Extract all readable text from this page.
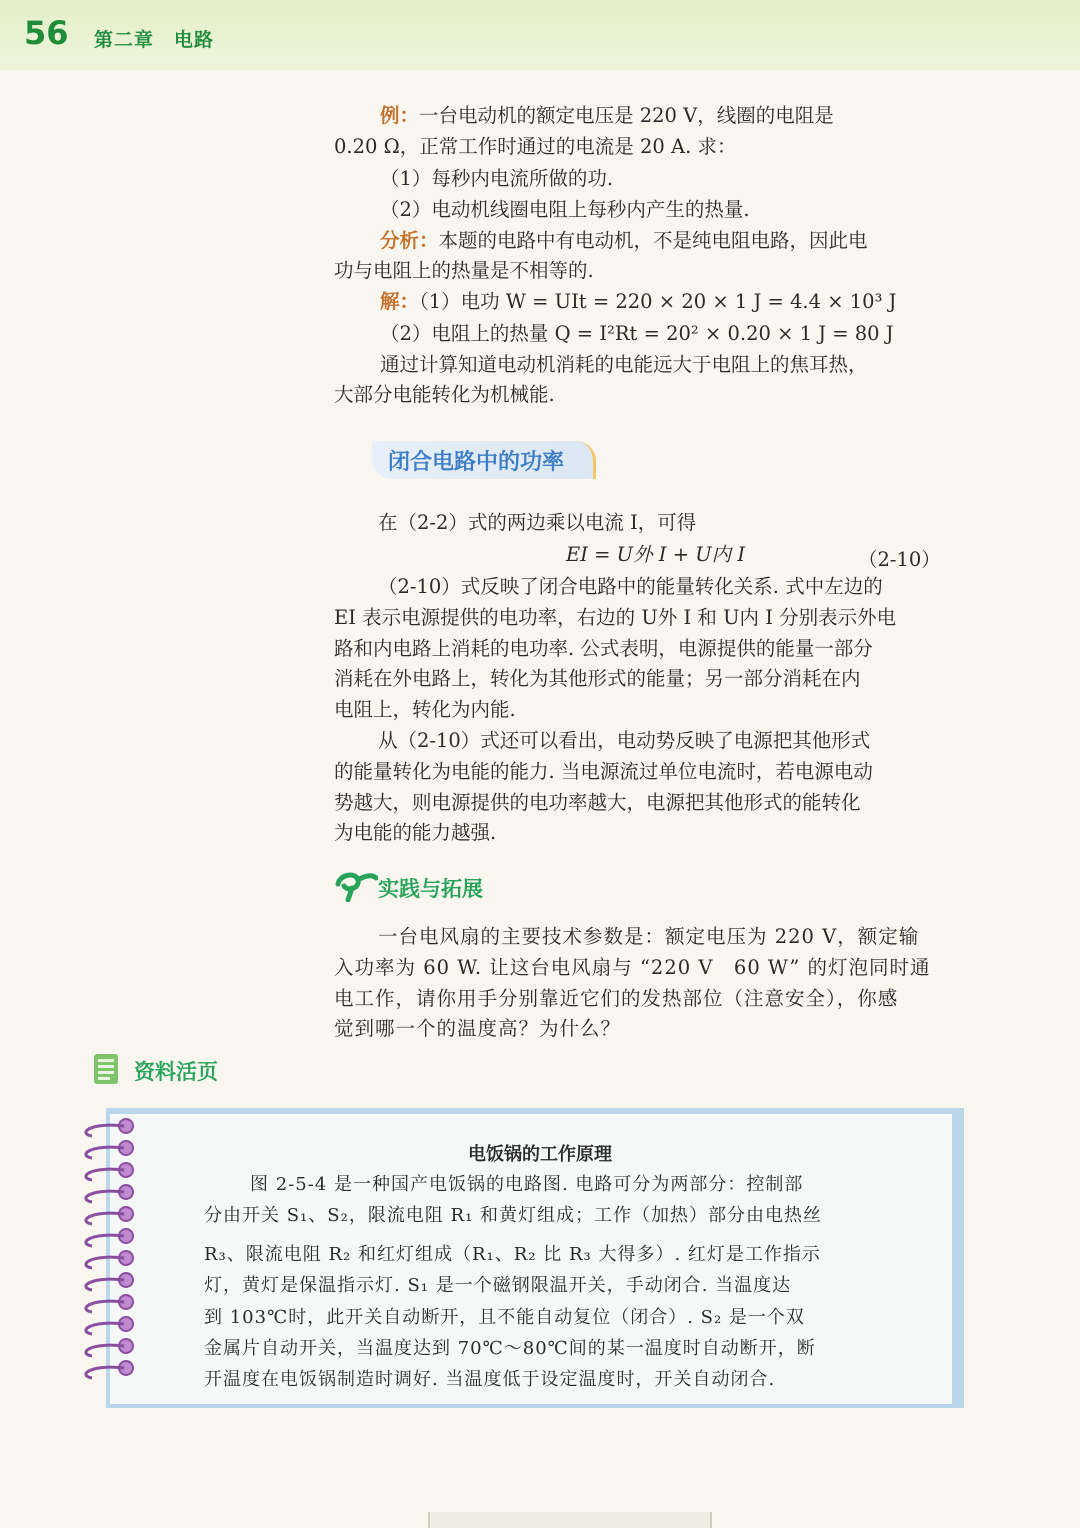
56 第二章　电路
例：一台电动机的额定电压是 220 V，线圈的电阻是
0.20 Ω，正常工作时通过的电流是 20 A. 求：
（1）每秒内电流所做的功.
（2）电动机线圈电阻上每秒内产生的热量.
分析：本题的电路中有电动机，不是纯电阻电路，因此电
功与电阻上的热量是不相等的.
解：（1）电功 W = UIt = 220 × 20 × 1 J = 4.4 × 10³ J
（2）电阻上的热量 Q = I²Rt = 20² × 0.20 × 1 J = 80 J
通过计算知道电动机消耗的电能远大于电阻上的焦耳热，
大部分电能转化为机械能.
闭合电路中的功率
在（2-2）式的两边乘以电流 I，可得
EI = U外 I + U内 I	（2-10）
（2-10）式反映了闭合电路中的能量转化关系. 式中左边的
EI 表示电源提供的电功率，右边的 U外 I 和 U内 I 分别表示外电
路和内电路上消耗的电功率. 公式表明，电源提供的能量一部分
消耗在外电路上，转化为其他形式的能量；另一部分消耗在内
电阻上，转化为内能.
从（2-10）式还可以看出，电动势反映了电源把其他形式
的能量转化为电能的能力. 当电源流过单位电流时，若电源电动
势越大，则电源提供的电功率越大，电源把其他形式的能转化
为电能的能力越强.
实践与拓展
一台电风扇的主要技术参数是：额定电压为 220 V，额定输
入功率为 60 W. 让这台电风扇与 “220 V　60 W” 的灯泡同时通
电工作，请你用手分别靠近它们的发热部位（注意安全），你感
觉到哪一个的温度高？为什么？
资料活页
电饭锅的工作原理
图 2-5-4 是一种国产电饭锅的电路图. 电路可分为两部分：控制部
分由开关 S₁、S₂，限流电阻 R₁ 和黄灯组成；工作（加热）部分由电热丝
R₃、限流电阻 R₂ 和红灯组成（R₁、R₂ 比 R₃ 大得多）. 红灯是工作指示
灯，黄灯是保温指示灯. S₁ 是一个磁钢限温开关，手动闭合. 当温度达
到 103℃时，此开关自动断开，且不能自动复位（闭合）. S₂ 是一个双
金属片自动开关，当温度达到 70℃～80℃间的某一温度时自动断开，断
开温度在电饭锅制造时调好. 当温度低于设定温度时，开关自动闭合.
